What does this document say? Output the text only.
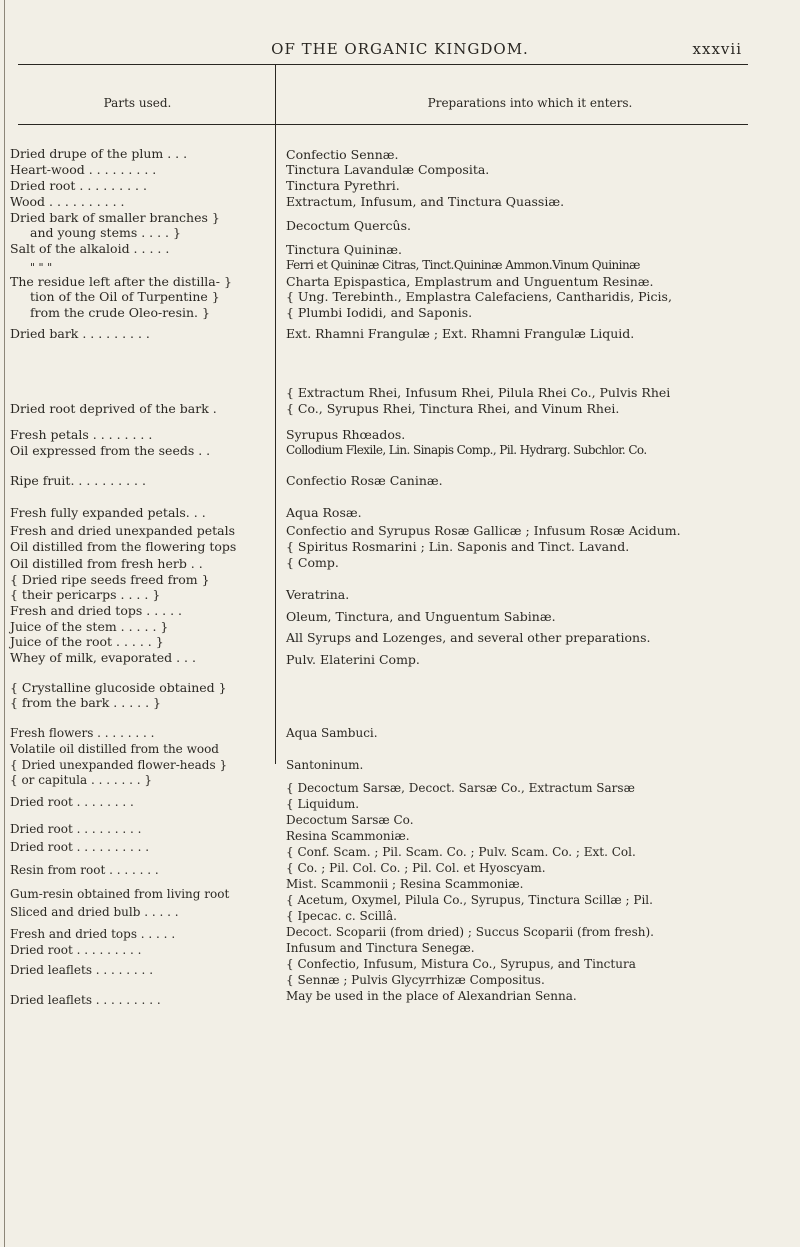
OF THE ORGANIC KINGDOM.	xxxvii
Parts used.	Preparations into which it enters.
Dried drupe of the plum . . .
Heart-wood . . . . . . . . .
Dried root . . . . . . . . .
Wood . . . . . . . . . .
Dried bark of smaller branches }
and young stems . . . . }
Salt of the alkaloid . . . . .
" " "
The residue left after the distilla- }
tion of the Oil of Turpentine }
from the crude Oleo-resin. }
Dried bark . . . . . . . . .
Dried root deprived of the bark .
Fresh petals . . . . . . . .
Oil expressed from the seeds . .
Ripe fruit. . . . . . . . . .
Fresh fully expanded petals. . .
Fresh and dried unexpanded petals
Oil distilled from the flowering tops
Oil distilled from fresh herb . .
{ Dried ripe seeds freed from }
{ their pericarps . . . . }
Fresh and dried tops . . . . .
Juice of the stem . . . . . }
Juice of the root . . . . . }
Whey of milk, evaporated . . .
{ Crystalline glucoside obtained }
{ from the bark . . . . . }
Fresh flowers . . . . . . . .
Volatile oil distilled from the wood
{ Dried unexpanded flower-heads }
{ or capitula . . . . . . . }
Dried root . . . . . . . .
Dried root . . . . . . . . .
Dried root . . . . . . . . . .
Resin from root . . . . . . .
Gum-resin obtained from living root
Sliced and dried bulb . . . . .
Fresh and dried tops . . . . .
Dried root . . . . . . . . .
Dried leaflets . . . . . . . .
Dried leaflets . . . . . . . . .
Confectio Sennæ.
Tinctura Lavandulæ Composita.
Tinctura Pyrethri.
Extractum, Infusum, and Tinctura Quassiæ.
Decoctum Quercûs.
Tinctura Quininæ.
Ferri et Quininæ Citras, Tinct.Quininæ Ammon.Vinum Quininæ
Charta Epispastica, Emplastrum and Unguentum Resinæ.
{ Ung. Terebinth., Emplastra Calefaciens, Cantharidis, Picis,
{ Plumbi Iodidi, and Saponis.
Ext. Rhamni Frangulæ ; Ext. Rhamni Frangulæ Liquid.
{ Extractum Rhei, Infusum Rhei, Pilula Rhei Co., Pulvis Rhei
{ Co., Syrupus Rhei, Tinctura Rhei, and Vinum Rhei.
Syrupus Rhœados.
Collodium Flexile, Lin. Sinapis Comp., Pil. Hydrarg. Subchlor. Co.
Confectio Rosæ Caninæ.
Aqua Rosæ.
Confectio and Syrupus Rosæ Gallicæ ; Infusum Rosæ Acidum.
{ Spiritus Rosmarini ; Lin. Saponis and Tinct. Lavand.
{ Comp.
Veratrina.
Oleum, Tinctura, and Unguentum Sabinæ.
All Syrups and Lozenges, and several other preparations.
Pulv. Elaterini Comp.
Aqua Sambuci.
Santoninum.
{ Decoctum Sarsæ, Decoct. Sarsæ Co., Extractum Sarsæ
{ Liquidum.
Decoctum Sarsæ Co.
Resina Scammoniæ.
{ Conf. Scam. ; Pil. Scam. Co. ; Pulv. Scam. Co. ; Ext. Col.
{ Co. ; Pil. Col. Co. ; Pil. Col. et Hyoscyam.
Mist. Scammonii ; Resina Scammoniæ.
{ Acetum, Oxymel, Pilula Co., Syrupus, Tinctura Scillæ ; Pil.
{ Ipecac. c. Scillâ.
Decoct. Scoparii (from dried) ; Succus Scoparii (from fresh).
Infusum and Tinctura Senegæ.
{ Confectio, Infusum, Mistura Co., Syrupus, and Tinctura
{ Sennæ ; Pulvis Glycyrrhizæ Compositus.
May be used in the place of Alexandrian Senna.
